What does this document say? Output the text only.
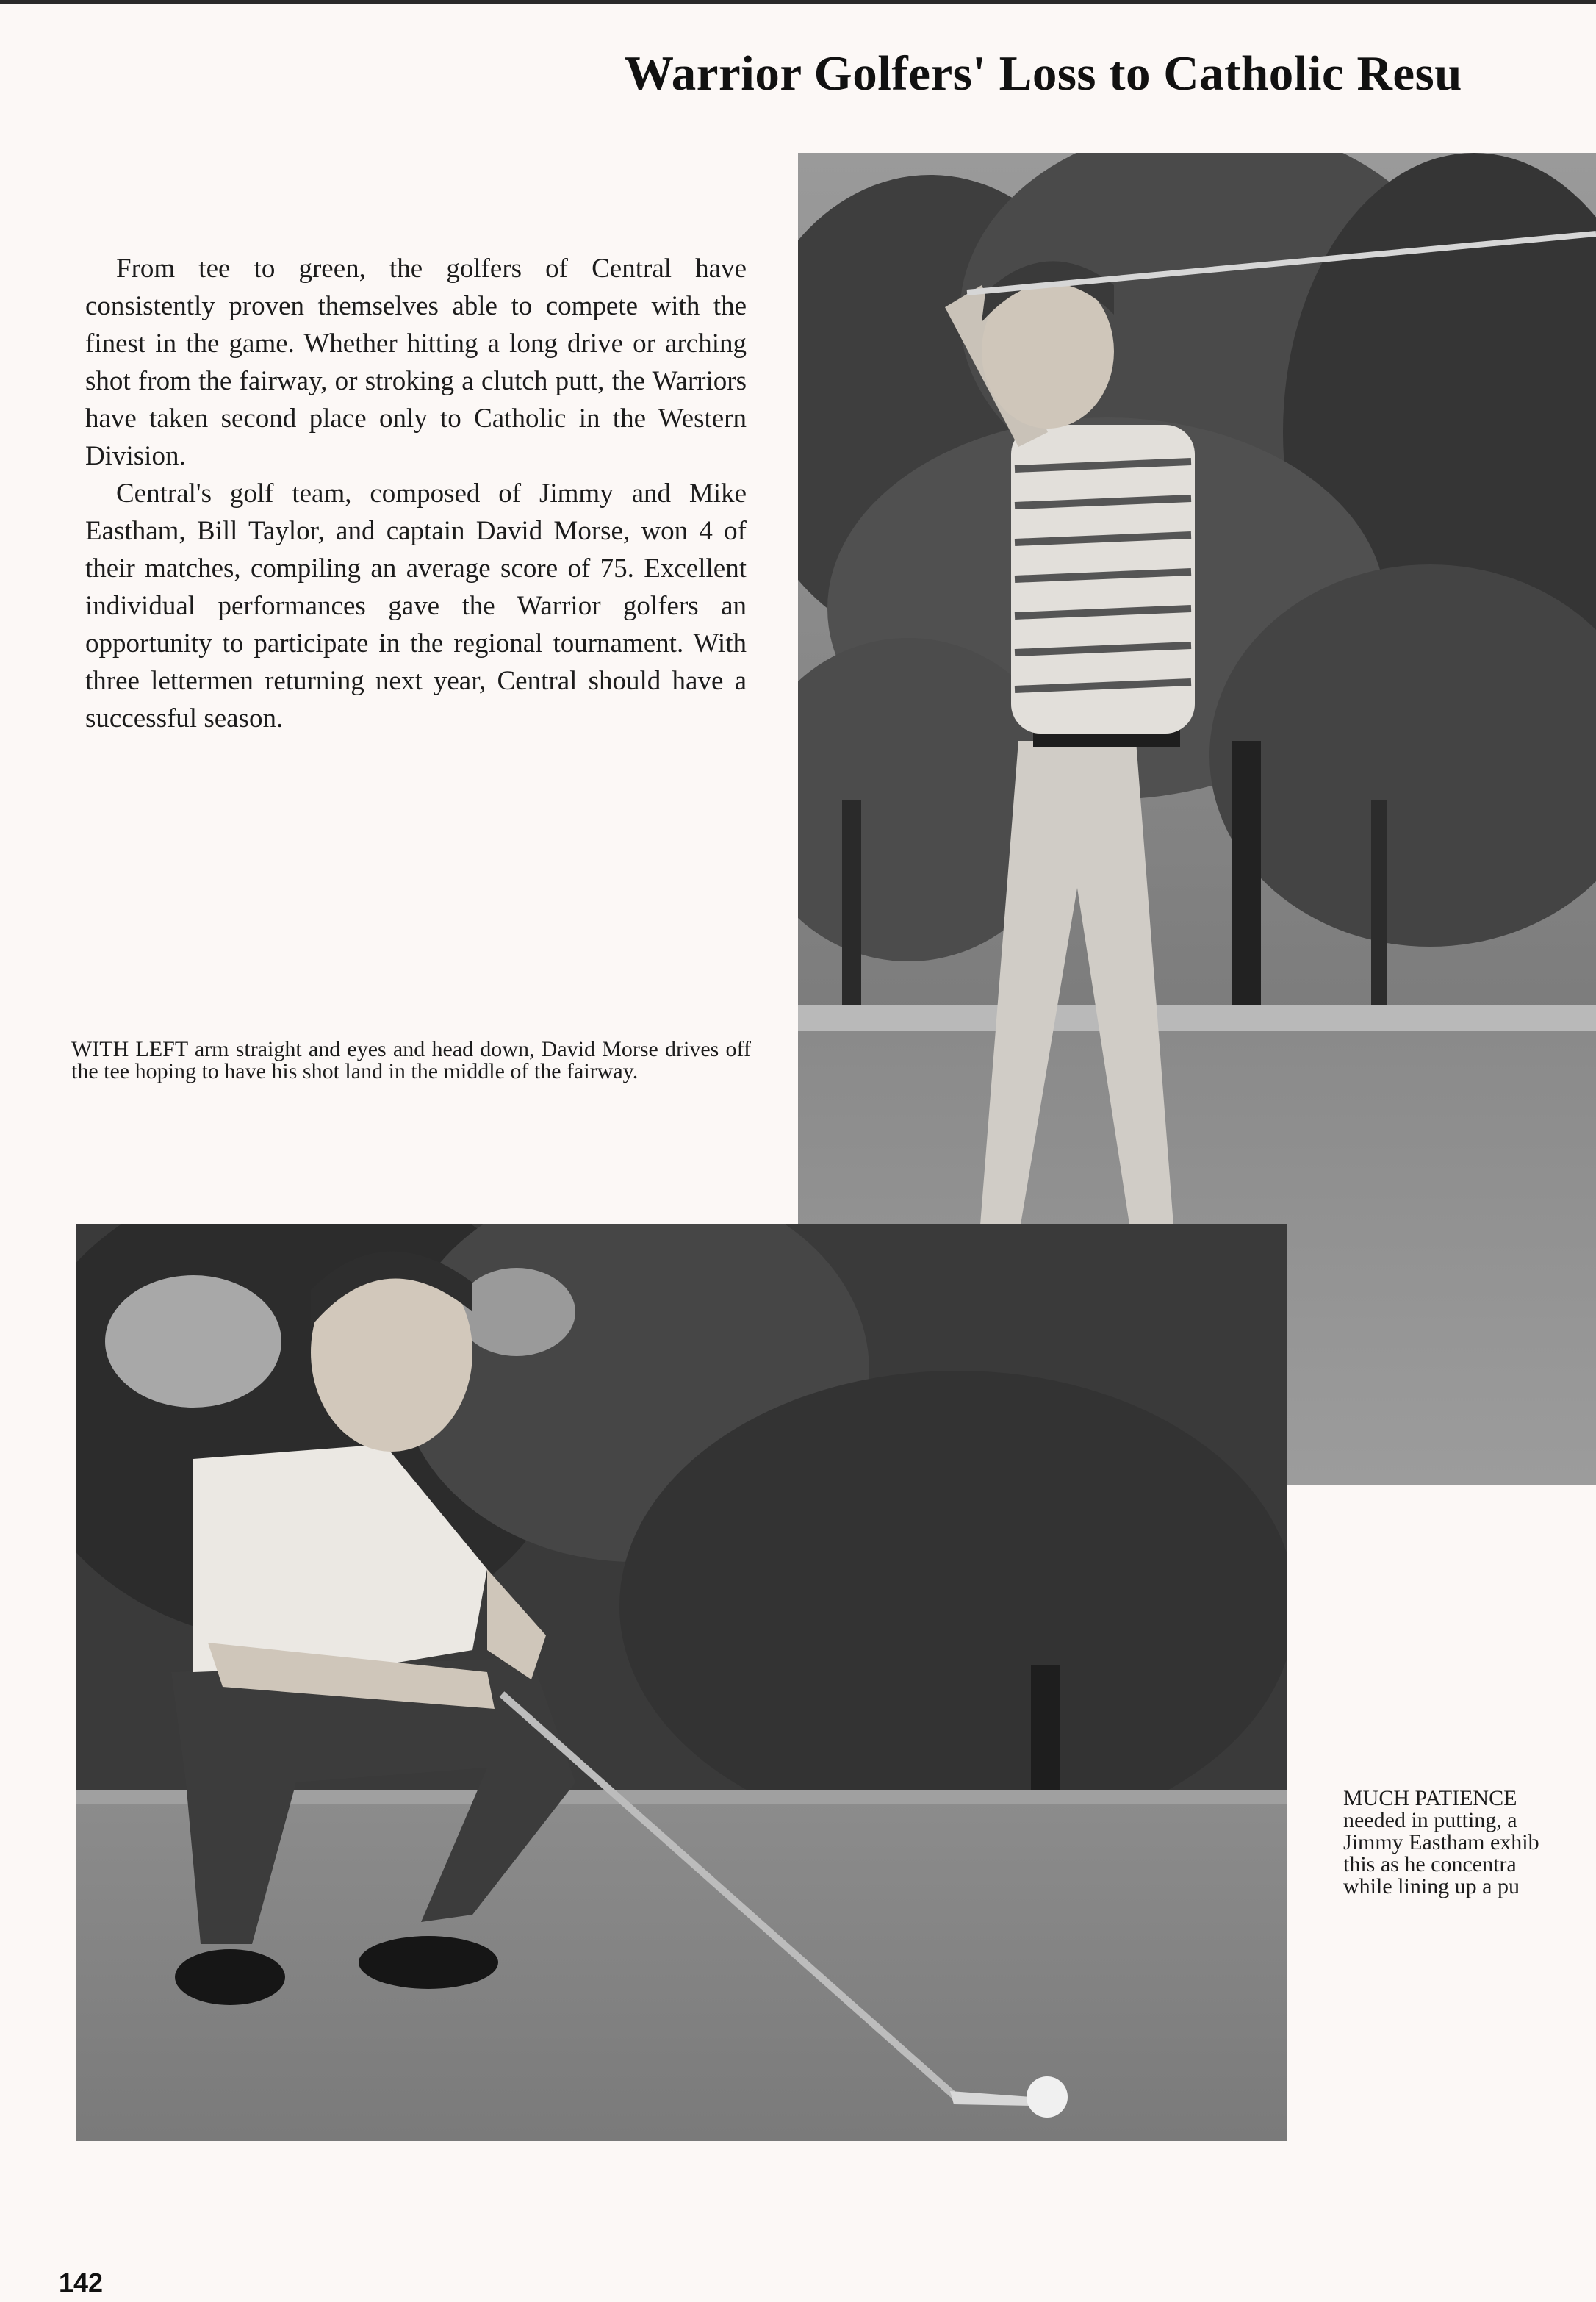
Warrior Golfers' Loss to Catholic Resu

From tee to green, the golfers of Central have consistently proven themselves able to compete with the finest in the game. Whether hitting a long drive or arching shot from the fairway, or stroking a clutch putt, the Warriors have taken second place only to Catholic in the Western Division.

Central's golf team, composed of Jimmy and Mike Eastham, Bill Taylor, and captain David Morse, won 4 of their matches, compiling an average score of 75. Excellent individual performances gave the Warrior golfers an opportunity to participate in the regional tournament. With three lettermen returning next year, Central should have a successful season.

WITH LEFT arm straight and eyes and head down, David Morse drives off the tee hoping to have his shot land in the middle of the fairway.
MUCH PATIENCE
needed in putting, a
Jimmy Eastham exhib
this as he concentra
while lining up a pu
142
